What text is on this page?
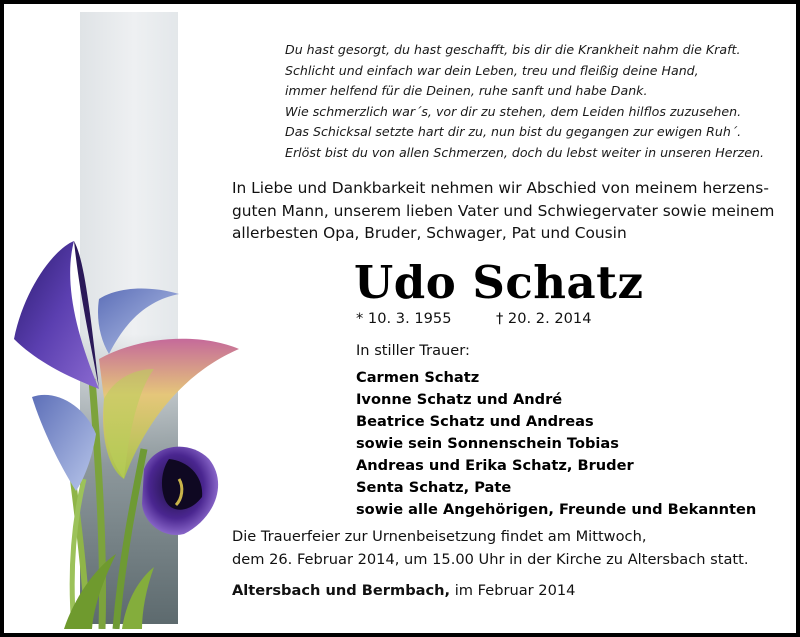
Du hast gesorgt, du hast geschafft, bis dir die Krankheit nahm die Kraft.
Schlicht und einfach war dein Leben, treu und fleißig deine Hand,
immer helfend für die Deinen, ruhe sanft und habe Dank.
Wie schmerzlich war´s, vor dir zu stehen, dem Leiden hilflos zuzusehen.
Das Schicksal setzte hart dir zu, nun bist du gegangen zur ewigen Ruh´.
Erlöst bist du von allen Schmerzen, doch du lebst weiter in unseren Herzen.
In Liebe und Dankbarkeit nehmen wir Abschied von meinem herzens-
guten Mann, unserem lieben Vater und Schwiegervater sowie meinem
allerbesten Opa, Bruder, Schwager, Pat und Cousin
Udo Schatz
* 10. 3. 1955	† 20. 2. 2014
In stiller Trauer:
Carmen Schatz
Ivonne Schatz und André
Beatrice Schatz und Andreas
sowie sein Sonnenschein Tobias
Andreas und Erika Schatz, Bruder
Senta Schatz, Pate
sowie alle Angehörigen, Freunde und Bekannten
Die Trauerfeier zur Urnenbeisetzung findet am Mittwoch,
dem 26. Februar 2014, um 15.00 Uhr in der Kirche zu Altersbach statt.
Altersbach und Bermbach, im Februar 2014
